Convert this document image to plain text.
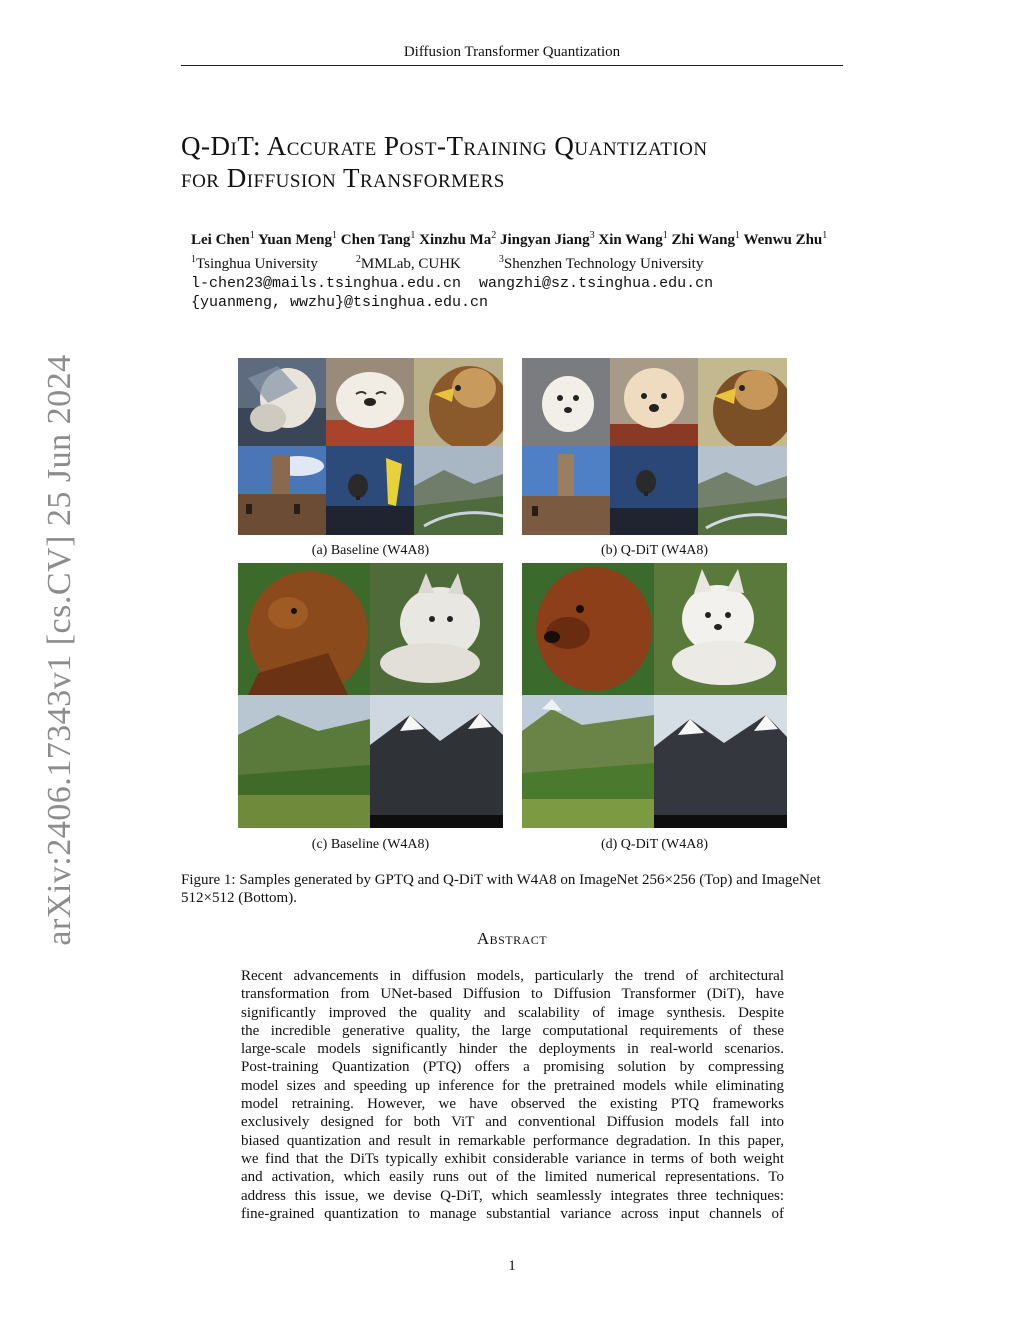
Diffusion Transformer Quantization
Q-DiT: Accurate Post-Training Quantization
for Diffusion Transformers
Lei Chen$^1$ Yuan Meng$^1$ Chen Tang$^1$ Xinzhu Ma$^2$ Jingyan Jiang$^3$ Xin Wang$^1$ Zhi Wang$^1$ Wenwu Zhu$^1$
$^1$Tsinghua University	$^2$MMLab, CUHK	$^3$Shenzhen Technology University
l-chen23@mails.tsinghua.edu.cn  wangzhi@sz.tsinghua.edu.cn
{yuanmeng, wwzhu}@tsinghua.edu.cn
arXiv:2406.17343v1 [cs.CV] 25 Jun 2024	(a) Baseline (W4A8)	(b) Q-DiT (W4A8)
(c) Baseline (W4A8)	(d) Q-DiT (W4A8)
Figure 1: Samples generated by GPTQ and Q-DiT with W4A8 on ImageNet 256×256 (Top) and ImageNet 512×512 (Bottom).
Abstract
Recent advancements in diffusion models, particularly the trend of architectural
transformation from UNet-based Diffusion to Diffusion Transformer (DiT), have
significantly improved the quality and scalability of image synthesis. Despite
the incredible generative quality, the large computational requirements of these
large-scale models significantly hinder the deployments in real-world scenarios.
Post-training Quantization (PTQ) offers a promising solution by compressing
model sizes and speeding up inference for the pretrained models while eliminating
model retraining. However, we have observed the existing PTQ frameworks
exclusively designed for both ViT and conventional Diffusion models fall into
biased quantization and result in remarkable performance degradation. In this paper,
we find that the DiTs typically exhibit considerable variance in terms of both weight
and activation, which easily runs out of the limited numerical representations. To
address this issue, we devise Q-DiT, which seamlessly integrates three techniques:
fine-grained quantization to manage substantial variance across input channels of
1
